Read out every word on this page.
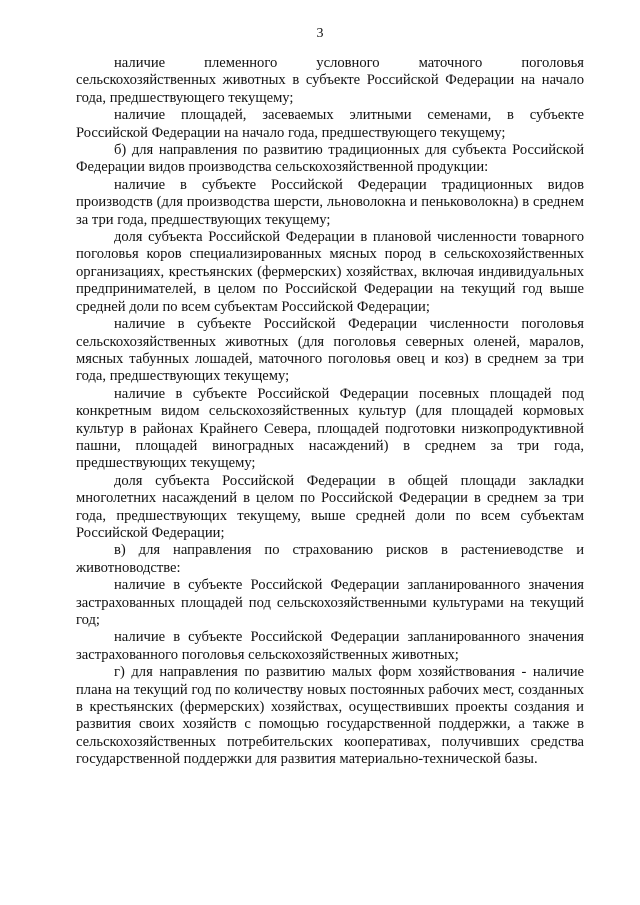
3

наличие племенного условного маточного поголовья сельскохозяйственных животных в субъекте Российской Федерации на начало года, предшествующего текущему;

наличие площадей, засеваемых элитными семенами, в субъекте Российской Федерации на начало года, предшествующего текущему;

б) для направления по развитию традиционных для субъекта Российской Федерации видов производства сельскохозяйственной продукции:

наличие в субъекте Российской Федерации традиционных видов производств (для производства шерсти, льноволокна и пеньковолокна) в среднем за три года, предшествующих текущему;

доля субъекта Российской Федерации в плановой численности товарного поголовья коров специализированных мясных пород в сельскохозяйственных организациях, крестьянских (фермерских) хозяйствах, включая индивидуальных предпринимателей, в целом по Российской Федерации на текущий год выше средней доли по всем субъектам Российской Федерации;

наличие в субъекте Российской Федерации численности поголовья сельскохозяйственных животных (для поголовья северных оленей, маралов, мясных табунных лошадей, маточного поголовья овец и коз) в среднем за три года, предшествующих текущему;

наличие в субъекте Российской Федерации посевных площадей под конкретным видом сельскохозяйственных культур (для площадей кормовых культур в районах Крайнего Севера, площадей подготовки низкопродуктивной пашни, площадей виноградных насаждений) в среднем за три года, предшествующих текущему;

доля субъекта Российской Федерации в общей площади закладки многолетних насаждений в целом по Российской Федерации в среднем за три года, предшествующих текущему, выше средней доли по всем субъектам Российской Федерации;

в) для направления по страхованию рисков в растениеводстве и животноводстве:

наличие в субъекте Российской Федерации запланированного значения застрахованных площадей под сельскохозяйственными культурами на текущий год;

наличие в субъекте Российской Федерации запланированного значения застрахованного поголовья сельскохозяйственных животных;

г) для направления по развитию малых форм хозяйствования - наличие плана на текущий год по количеству новых постоянных рабочих мест, созданных в крестьянских (фермерских) хозяйствах, осуществивших проекты создания и развития своих хозяйств с помощью государственной поддержки, а также в сельскохозяйственных потребительских кооперативах, получивших средства государственной поддержки для развития материально-технической базы.
